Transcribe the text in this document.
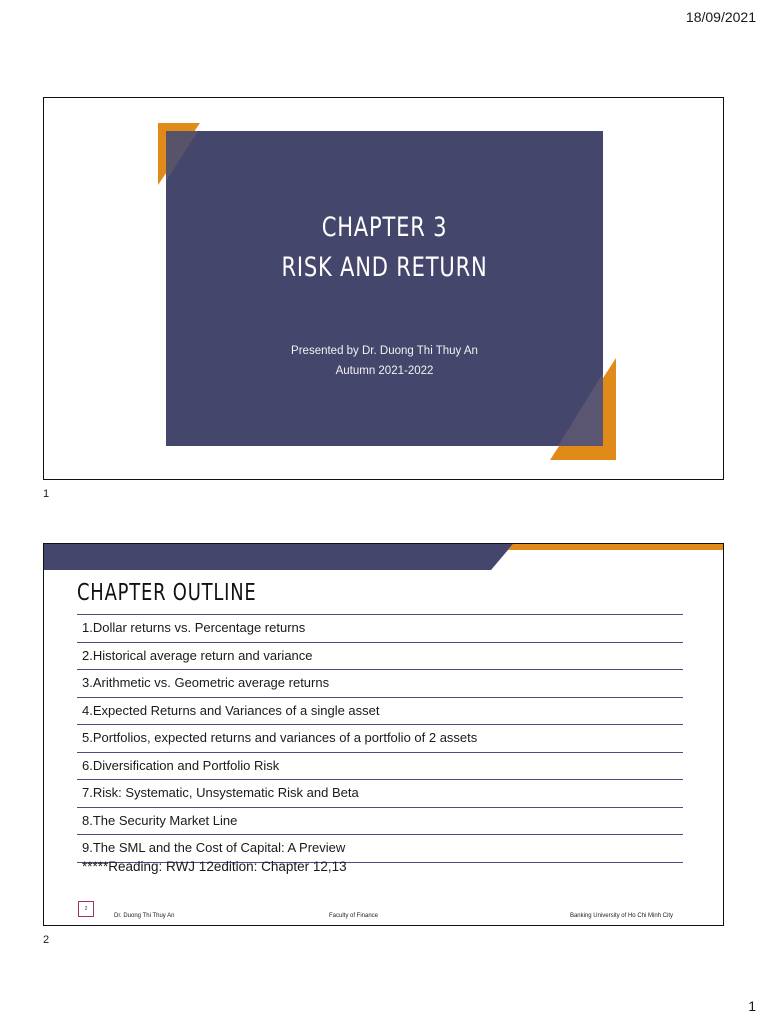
18/09/2021
CHAPTER 3
RISK AND RETURN
Presented by Dr. Duong Thi Thuy An
Autumn 2021-2022
1
CHAPTER OUTLINE
1.Dollar returns vs. Percentage returns
2.Historical average return and variance
3.Arithmetic vs. Geometric average returns
4.Expected Returns and Variances of a single asset
5.Portfolios, expected returns and variances of a portfolio of 2 assets
6.Diversification and Portfolio Risk
7.Risk: Systematic, Unsystematic Risk and Beta
8.The Security Market Line
9.The SML and the Cost of Capital: A Preview
*****Reading: RWJ 12edition: Chapter 12,13
2
Dr. Duong Thi Thuy An	Faculty of Finance	Banking University of Ho Chi Minh City
2
1
